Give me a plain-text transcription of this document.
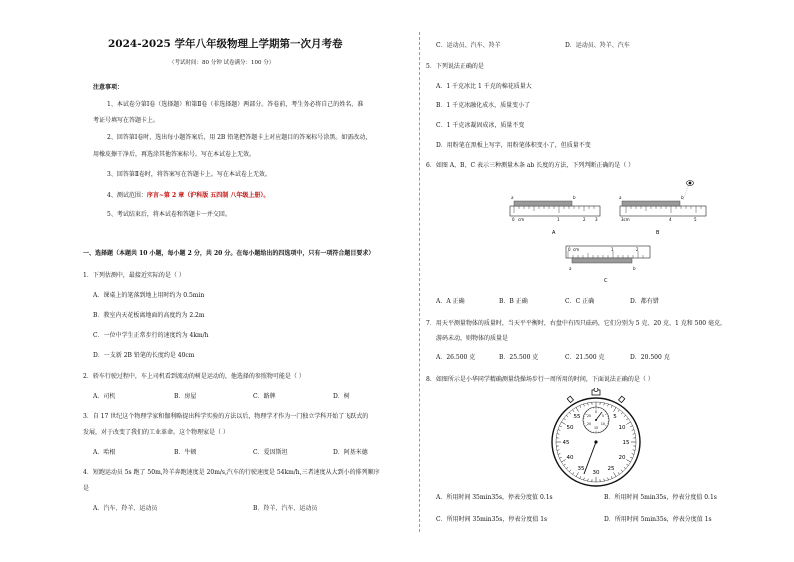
2024-2025 学年八年级物理上学期第一次月考卷
（考试时间：80 分钟 试卷满分：100 分）
注意事项：
1、本试卷分第Ⅰ卷（选择题）和第Ⅱ卷（非选择题）两部分。答卷前，考生务必将自己的姓名、准
考证号填写在答题卡上。
2、回答第Ⅰ卷时，选出每小题答案后，用 2B 铅笔把答题卡上对应题目的答案标号涂黑。如需改动，
用橡皮擦干净后，再选涂其他答案标号。写在本试卷上无效。
3、回答第Ⅱ卷时，将答案写在答题卡上。写在本试卷上无效。
4、测试范围：序言~第 2 章（沪科版 五四制 八年级上册）。
5、考试结束后，将本试卷和答题卡一并交回。
一、选择题（本题共 10 小题，每小题 2 分，共 20 分。在每小题给出的四选项中，只有一项符合题目要求）
1．下列估测中，最接近实际的是（ ）
A．课桌上的笔落到地上用时约为 0.5min
B．教室内天花板离地面的高度约为 2.2m
C．一位中学生正常步行的速度约为 4km/h
D．一支新 2B 铅笔的长度约是 40cm
2．轿车行驶过程中，车上司机看到流动的树是运动的，他选择的参照物可能是（ ）
A．司机	B．房屋	C．路牌	D．树
3．自 17 世纪这个物理学家和伽利略提出科学实验的方法以后，物理学才作为一门独立学科开始了飞跃式的
发展，对于改变了我们的工业革命。这个物理家是（ ）
A．哈根	B．牛顿	C．爱因斯坦	D．阿基米德
4．短跑运动员 5s 跑了 50m,羚羊奔跑速度是 20m/s,汽车的行驶速度是 54km/h,三者速度从大到小的排列顺序
是
A．汽车、羚羊、运动员	B．羚羊、汽车、运动员
C．运动员、汽车、羚羊	D．运动员、羚羊、汽车
5．下列说法正确的是
A．1 千克冰比 1 千克的棉花质量大
B．1 千克冰融化成水，质量变小了
C．1 千克冰凝固成冰，质量不变
D．用粉笔在黑板上写字，用粉笔体积变小了，但质量不变
6．如图 A、B、C 表示三种测量木条 ab 长度的方法，下列判断正确的是（ ）
a	b
0 cm	1	2 3
A
a	b
3cm	4	5
B
a	b
0 cm	1	2
C
A．A 正确	B．B 正确	C．C 正确	D．都有错
7．用天平测量物体的质量时，当天平平衡时，右盘中有四只砝码，它们分别为 5 克、20 克、1 克和 500 毫克，
游码未动，则物体的质量是
A．26.500 克	B．25.500 克	C．21.500 克	D．20.500 克
8．如图所示是小华同学精确测量绕操场步行一周所用的时间，下面说法正确的是（ ）
55	5
10
15
20
25
30
35
40
45
50
0
5
10
15
20
25
A．所用时间 35min35s，停表分度值 0.1s	B．所用时间 5min35s，停表分度值 0.1s
C．所用时间 35min35s，停表分度值 1s	D．所用时间 5min35s，停表分度值 1s
